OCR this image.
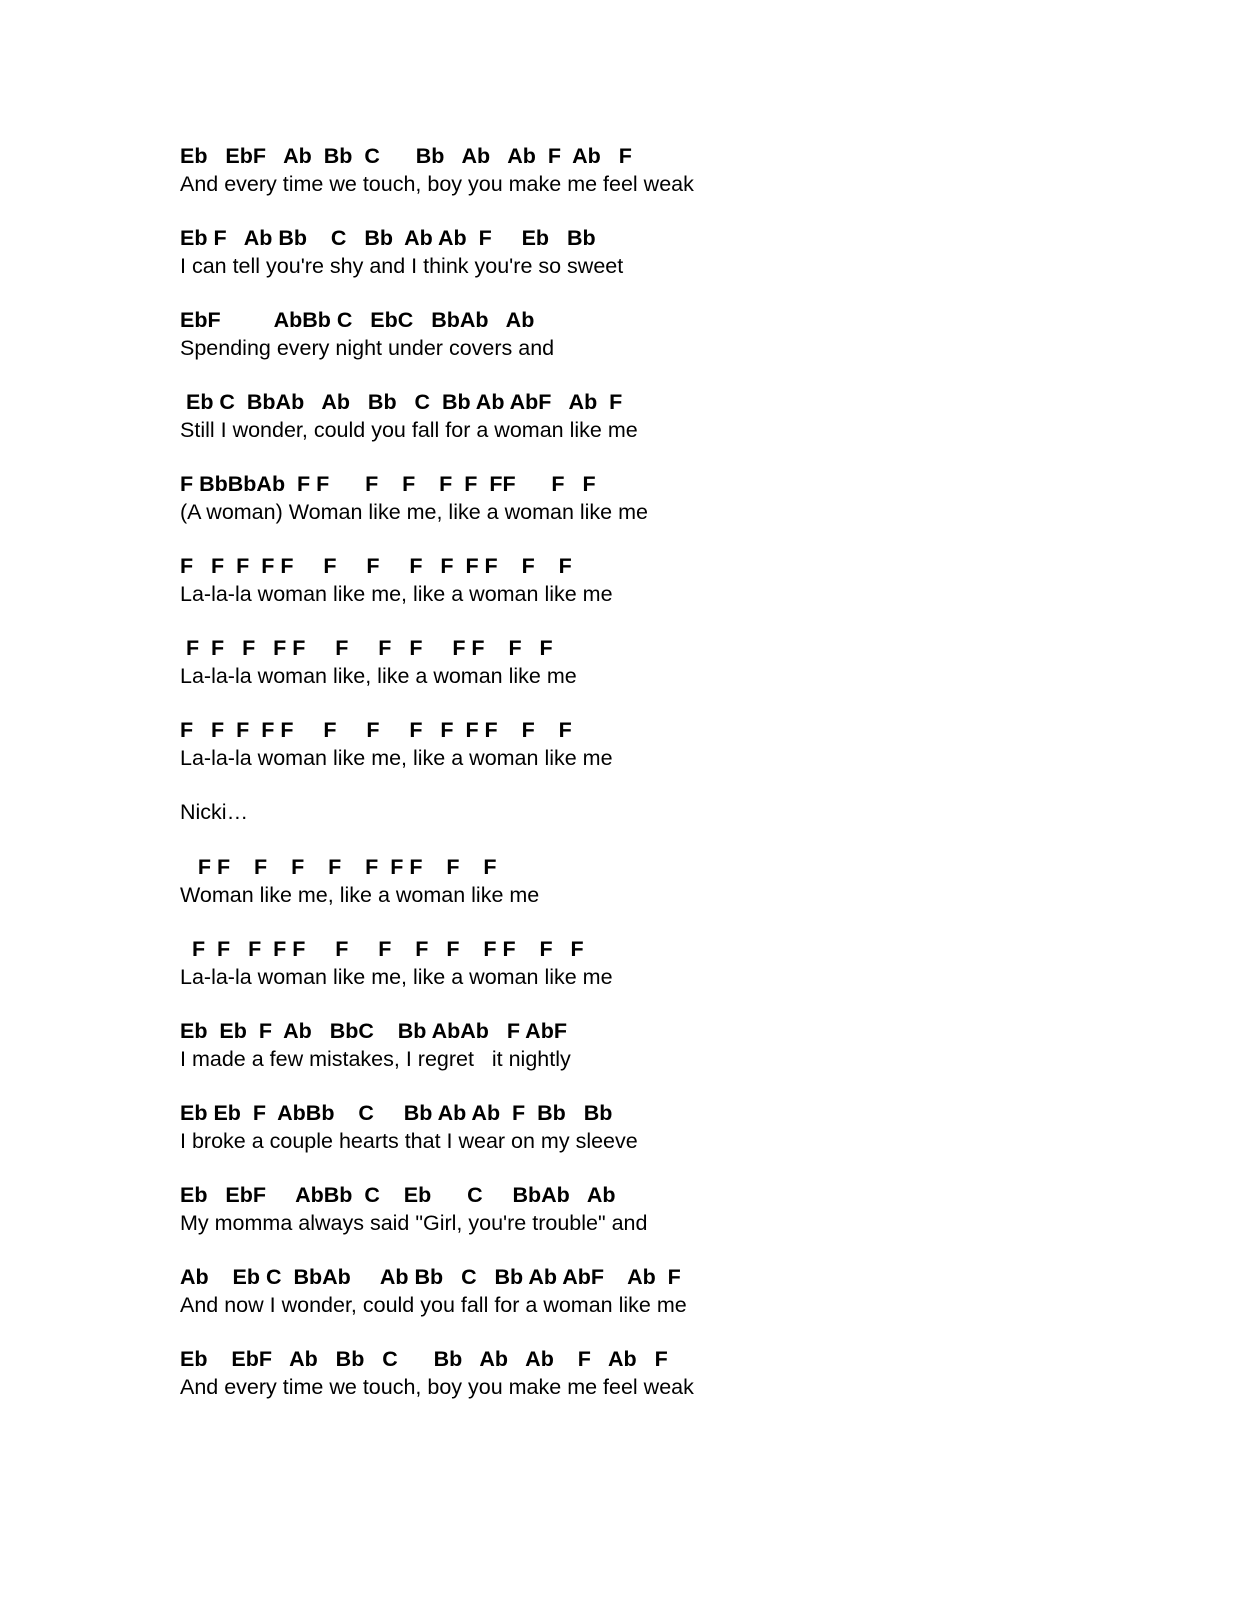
Eb   EbF   Ab  Bb  C      Bb   Ab   Ab  F  Ab   F
And every time we touch, boy you make me feel weak
Eb F   Ab Bb    C   Bb  Ab Ab  F     Eb   Bb
I can tell you're shy and I think you're so sweet
EbF         AbBb C   EbC   BbAb   Ab
Spending every night under covers and
Eb C  BbAb   Ab   Bb   C  Bb Ab AbF   Ab  F
Still I wonder, could you fall for a woman like me
F BbBbAb  F F      F    F    F  F  FF      F   F
(A woman) Woman like me, like a woman like me
F   F  F  F F     F     F     F   F  F F    F    F
La-la-la woman like me, like a woman like me
F  F   F   F F     F     F   F     F F    F   F
La-la-la woman like, like a woman like me
F   F  F  F F     F     F     F   F  F F    F    F
La-la-la woman like me, like a woman like me
Nicki…
F F    F    F    F    F  F F    F    F
Woman like me, like a woman like me
F  F   F  F F     F     F    F   F    F F    F   F
La-la-la woman like me, like a woman like me
Eb  Eb  F  Ab   BbC    Bb AbAb   F AbF
I made a few mistakes, I regret   it nightly
Eb Eb  F  AbBb    C     Bb Ab Ab  F  Bb   Bb
I broke a couple hearts that I wear on my sleeve
Eb   EbF     AbBb  C    Eb      C     BbAb   Ab
My momma always said "Girl, you're trouble" and
Ab    Eb C  BbAb     Ab Bb   C   Bb Ab AbF    Ab  F
And now I wonder, could you fall for a woman like me
Eb    EbF   Ab   Bb   C      Bb   Ab   Ab    F   Ab   F
And every time we touch, boy you make me feel weak
